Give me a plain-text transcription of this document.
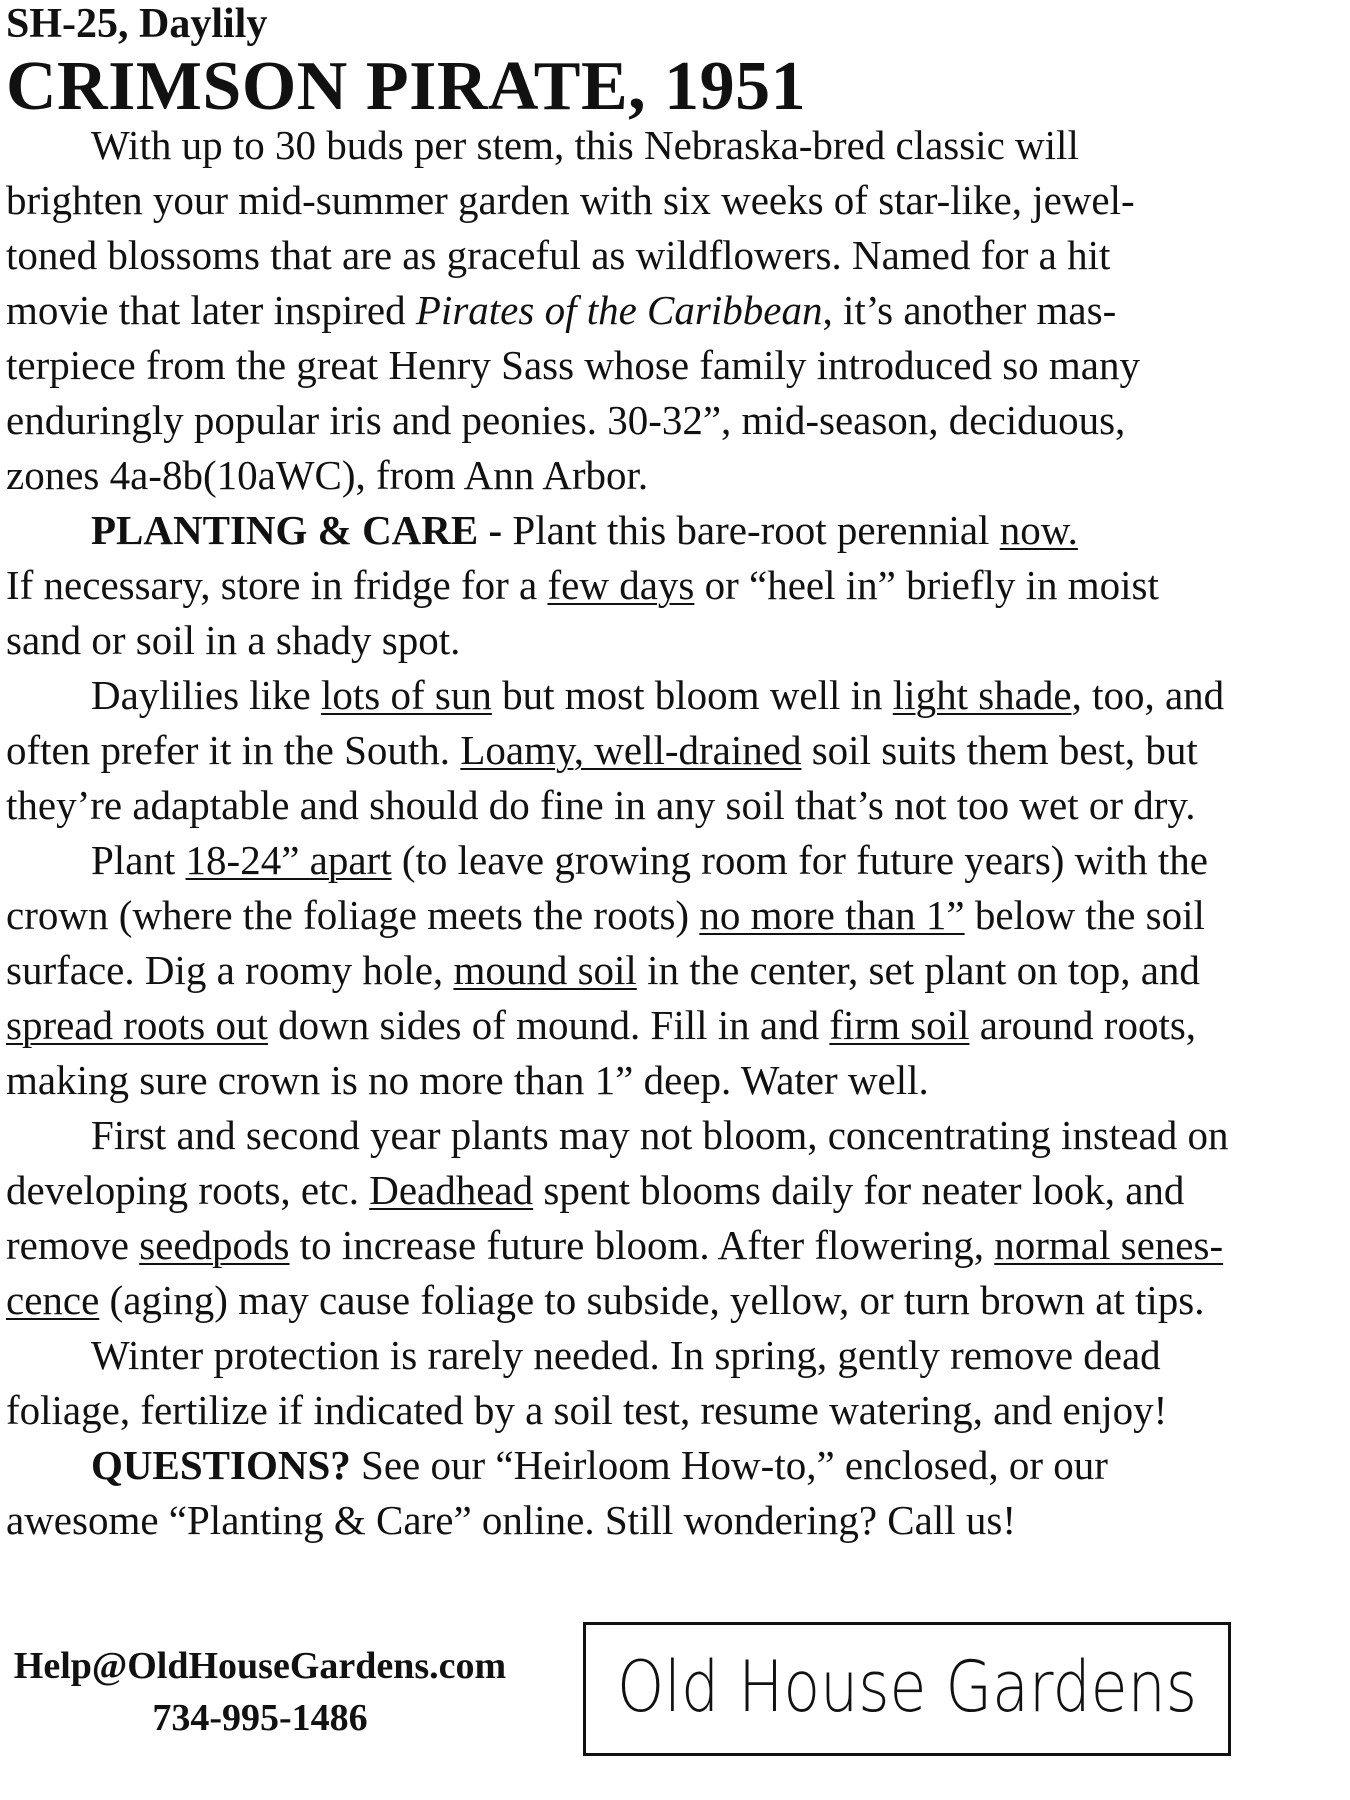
SH-25, Daylily

CRIMSON PIRATE, 1951

With up to 30 buds per stem, this Nebraska-bred classic will
brighten your mid-summer garden with six weeks of star-like, jewel-
toned blossoms that are as graceful as wildflowers. Named for a hit
movie that later inspired Pirates of the Caribbean, it’s another mas-
terpiece from the great Henry Sass whose family introduced so many
enduringly popular iris and peonies. 30-32”, mid-season, deciduous,
zones 4a-8b(10aWC), from Ann Arbor.

PLANTING & CARE - Plant this bare-root perennial now.
If necessary, store in fridge for a few days or “heel in” briefly in moist
sand or soil in a shady spot.

Daylilies like lots of sun but most bloom well in light shade, too, and
often prefer it in the South. Loamy, well-drained soil suits them best, but
they’re adaptable and should do fine in any soil that’s not too wet or dry.

Plant 18-24” apart (to leave growing room for future years) with the
crown (where the foliage meets the roots) no more than 1” below the soil
surface. Dig a roomy hole, mound soil in the center, set plant on top, and
spread roots out down sides of mound. Fill in and firm soil around roots,
making sure crown is no more than 1” deep. Water well.

First and second year plants may not bloom, concentrating instead on
developing roots, etc. Deadhead spent blooms daily for neater look, and
remove seedpods to increase future bloom. After flowering, normal senes-
cence (aging) may cause foliage to subside, yellow, or turn brown at tips.

Winter protection is rarely needed. In spring, gently remove dead
foliage, fertilize if indicated by a soil test, resume watering, and enjoy!

QUESTIONS? See our “Heirloom How-to,” enclosed, or our
awesome “Planting & Care” online. Still wondering? Call us!

Help@OldHouseGardens.com
734-995-1486	Old House Gardens
